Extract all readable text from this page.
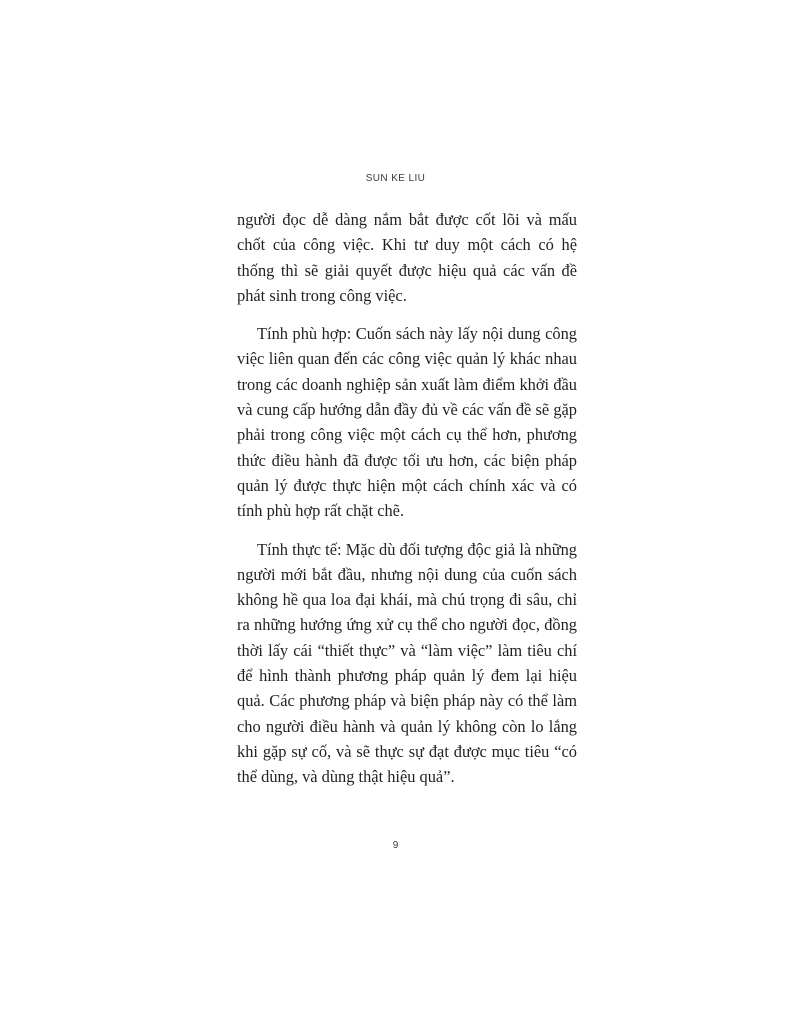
SUN KE LIU

người đọc dễ dàng nắm bắt được cốt lõi và mấu chốt của công việc. Khi tư duy một cách có hệ thống thì sẽ giải quyết được hiệu quả các vấn đề phát sinh trong công việc.

Tính phù hợp: Cuốn sách này lấy nội dung công việc liên quan đến các công việc quản lý khác nhau trong các doanh nghiệp sản xuất làm điểm khởi đầu và cung cấp hướng dẫn đầy đủ về các vấn đề sẽ gặp phải trong công việc một cách cụ thể hơn, phương thức điều hành đã được tối ưu hơn, các biện pháp quản lý được thực hiện một cách chính xác và có tính phù hợp rất chặt chẽ.

Tính thực tế: Mặc dù đối tượng độc giả là những người mới bắt đầu, nhưng nội dung của cuốn sách không hề qua loa đại khái, mà chú trọng đi sâu, chỉ ra những hướng ứng xử cụ thể cho người đọc, đồng thời lấy cái “thiết thực” và “làm việc” làm tiêu chí để hình thành phương pháp quản lý đem lại hiệu quả. Các phương pháp và biện pháp này có thể làm cho người điều hành và quản lý không còn lo lắng khi gặp sự cố, và sẽ thực sự đạt được mục tiêu “có thể dùng, và dùng thật hiệu quả”.

9
